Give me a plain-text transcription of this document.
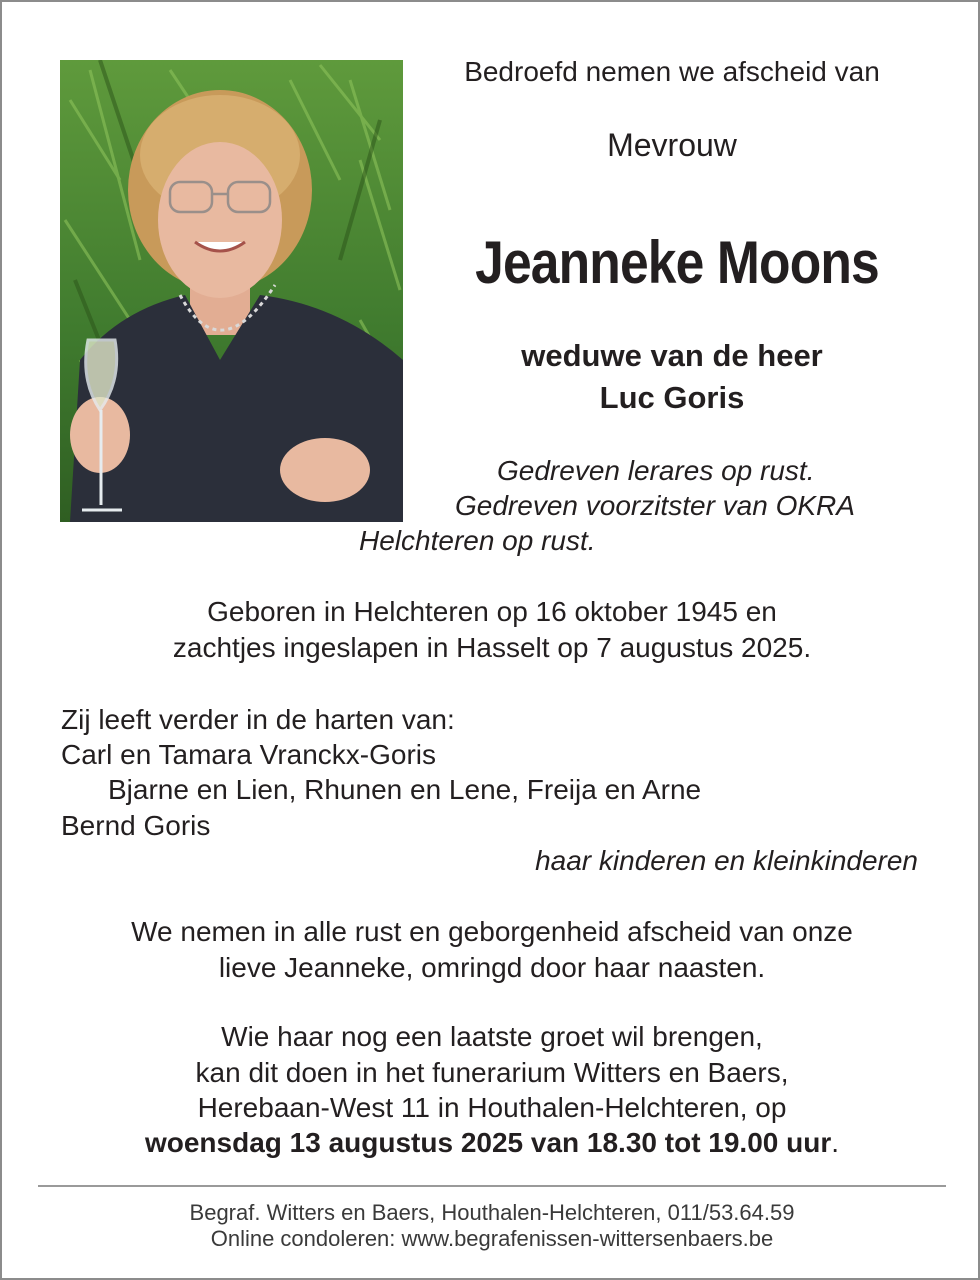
Bedroefd nemen we afscheid van

Mevrouw

Jeanneke Moons

weduwe van de heer

Luc Goris

Gedreven lerares op rust.

Gedreven voorzitster van OKRA

Helchteren op rust.

Geboren in Helchteren op 16 oktober 1945 en

zachtjes ingeslapen in Hasselt op 7 augustus 2025.

Zij leeft verder in de harten van:

Carl en Tamara Vranckx-Goris

Bjarne en Lien, Rhunen en Lene, Freija en Arne

Bernd Goris

haar kinderen en kleinkinderen

We nemen in alle rust en geborgenheid afscheid van onze

lieve Jeanneke, omringd door haar naasten.

Wie haar nog een laatste groet wil brengen,

kan dit doen in het funerarium Witters en Baers,

Herebaan-West 11 in Houthalen-Helchteren, op

woensdag 13 augustus 2025 van 18.30 tot 19.00 uur.

Begraf. Witters en Baers, Houthalen-Helchteren, 011/53.64.59

Online condoleren: www.begrafenissen-wittersenbaers.be
